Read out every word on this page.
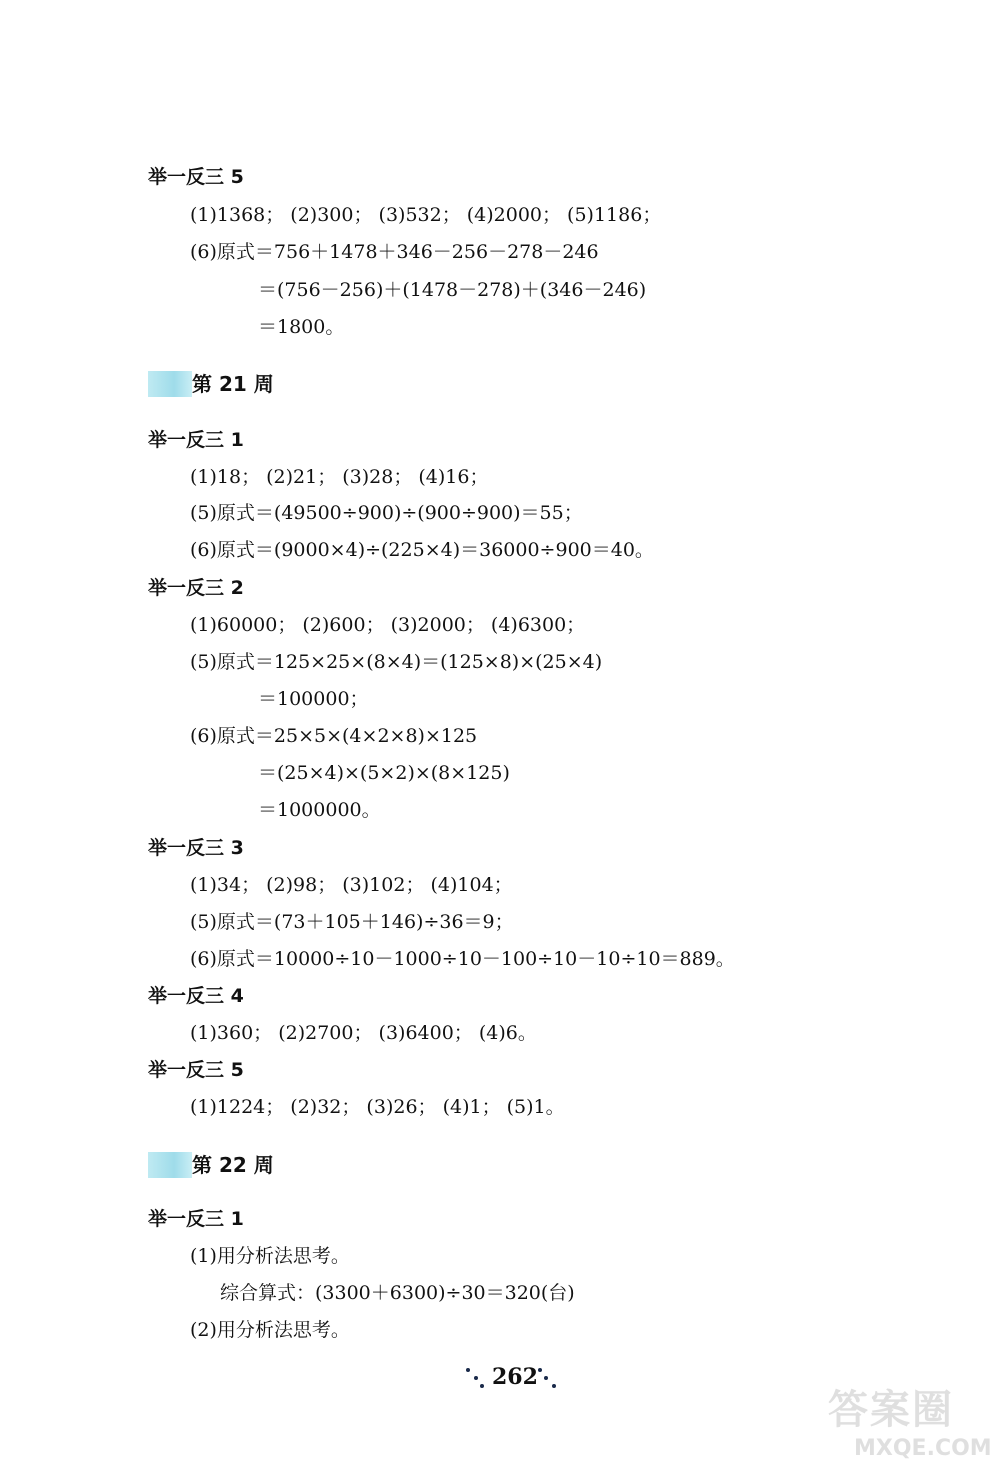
举一反三 5
(1)1368； (2)300； (3)532； (4)2000； (5)1186；
(6)原式＝756＋1478＋346－256－278－246
＝(756－256)＋(1478－278)＋(346－246)
＝1800。
第 21 周
举一反三 1
(1)18； (2)21； (3)28； (4)16；
(5)原式＝(49500÷900)÷(900÷900)＝55；
(6)原式＝(9000×4)÷(225×4)＝36000÷900＝40。
举一反三 2
(1)60000； (2)600； (3)2000； (4)6300；
(5)原式＝125×25×(8×4)＝(125×8)×(25×4)
＝100000；
(6)原式＝25×5×(4×2×8)×125
＝(25×4)×(5×2)×(8×125)
＝1000000。
举一反三 3
(1)34； (2)98； (3)102； (4)104；
(5)原式＝(73＋105＋146)÷36＝9；
(6)原式＝10000÷10－1000÷10－100÷10－10÷10＝889。
举一反三 4
(1)360； (2)2700； (3)6400； (4)6。
举一反三 5
(1)1224； (2)32； (3)26； (4)1； (5)1。
第 22 周
举一反三 1
(1)用分析法思考。
综合算式：(3300＋6300)÷30＝320(台)
(2)用分析法思考。
262
答案圈
MXQE.COM
